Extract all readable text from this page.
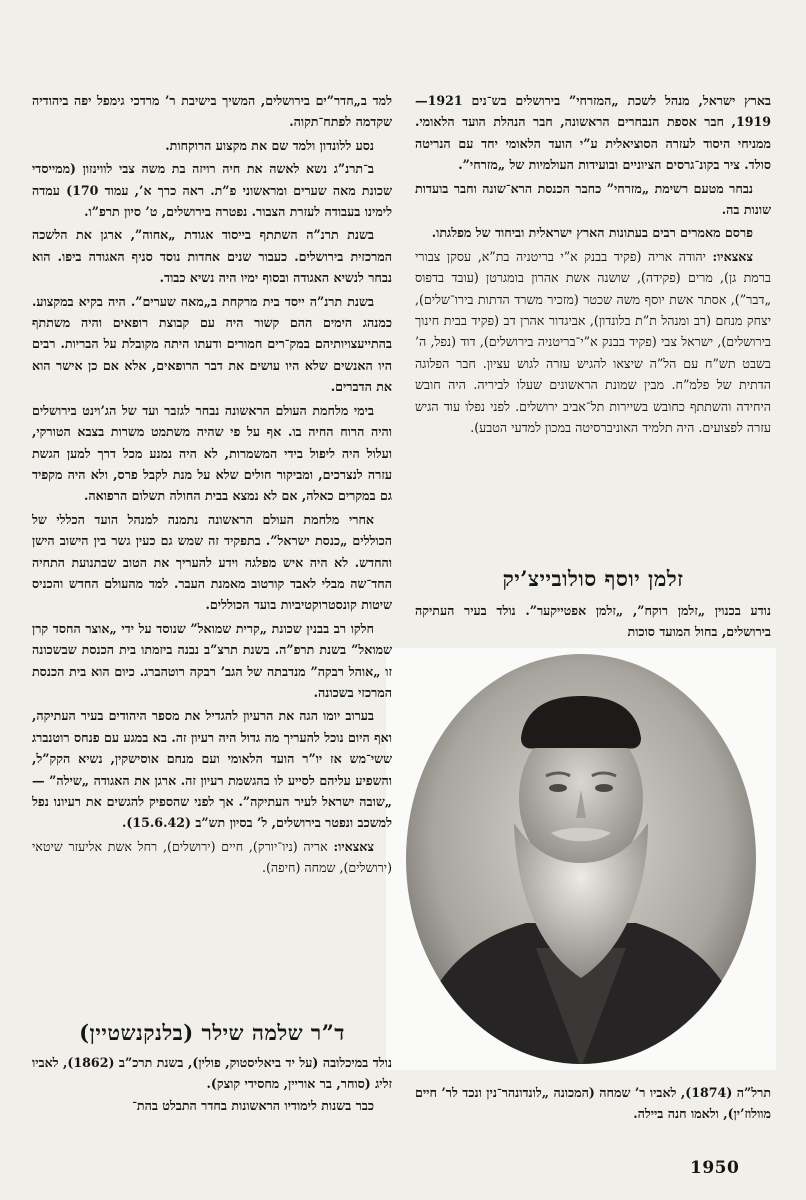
בארץ ישראל, מנהל לשכת „המזרחי” בירושלים בש־נים 1921—1919, חבר אספת הנבחרים הראשונה, חבר הנהלת הועד הלאומי. ממניחי היסוד לעזרה הסוציאלית ע”י הועד הלאומי יחד עם הנריטה סולד. ציר בקונ־גרסים הציוניים ובועידות העולמיות של „מזרחי”.

נבחר מטעם רשימת „מזרחי” כחבר הכנסת הרא־שונה וחבר בועדות שונות בה.

פרסם מאמרים רבים בעתונות הארץ ישראלית וביחוד של מפלגתו.

צאצאיו: יהודה אריה (פקיד בבנק א”י בריטניה בת”א, עסקן צבורי ברמת גן), מרים (פקידה), שושנה אשת אהרון בומגרטן (עובד בדפוס „דבר”), אסתר אשת יוסף משה שכטר (מזכיר משרד הדתות בירו־שלים), יצחק מנחם (רב ומנהל ת”ת בלונדון), אביגדור אהרן דב (פקיד בבית חינוך בירושלים), ישראל צבי (פקיד בבנק א”י־בריטניה בירושלים), דוד (נפל, ה’ בשבט תש”ח עם הל”ה שיצאו להגיש עזרה לגוש עציון. חבר הפלוגה הדתית של פלמ”ח. מבין שמונת הראשונים שעלו לביריה. היה חובש היחידה והשתתף כחובש בשיירות תל־אביב ירושלים. לפני נפלו עוד הגיש עזרה לפצועים. היה תלמיד האוניברסיטה במכון למדעי הטבע).

זלמן יוסף סולובייצ’יק
נודע בכנוין „זלמן רוקח”, „זלמן אפטייקער”. נולד בעיר העתיקה בירושלים, בחול המועד סוכות
תרל”ה (1874), לאביו ר’ שמחה (המכונה „לונדונהר־נין ונכד לר’ חיים מוולוז’ין), ולאמו חנה ביילה.

למד ב„חדר”ים בירושלים, המשיך בישיבת ר’ מרדכי גימפל יפה ביהודיה שקדמה לפתח־תקוה.

נסע ללונדון ולמד שם את מקצוע הרוקחות.

ב־תרנ”ג נשא לאשה את חיה רויזה בת משה צבי לווינזון (ממייסדי שכונת מאה שערים ומראשוני פ”ת. ראה כרך א’, עמוד 170) עמדה לימינו בעבודה לעזרת הצבור. נפטרה בירושלים, ט’ סיון תרפ”ו.

בשנת תרנ”ה השתתף בייסוד אגודת „אחוה”, ארגן את הלשכה המרכזית בירושלים. כעבור שנים אחדות נוסד סניף האגודה ביפו. הוא נבחר לנשיא האגודה ובסוף ימיו היה נשיא כבוד.

בשנת תרנ”ה ייסד בית מרקחת ב„מאה שערים”. היה בקיא במקצוע. כמנהג הימים ההם קשור היה עם קבוצת רופאים והיה משתתף בהתייעצויותיהם במק־רים חמורים ודעתו היתה מקובלת על הבריות. רבים היו האנשים שלא היו עושים את דבר הרופאים, אלא אם כן אישר הוא את הדברים.

בימי מלחמת העולם הראשונה נבחר לגזבר ועד של הג’וינט בירושלים והיה הרוח החיה בו. אף על פי שהיה משתמט משרות בצבא הטורקי, ועלול היה ליפול בידי המשמרות, לא היה נמנע מכל דרך למען הגשת עזרה לנצרכים, ומביקור חולים שלא על מנת לקבל פרס, ולא היה מקפיד גם במקרים כאלה, אם לא נמצא בבית החולה תשלום הרפואה.

אחרי מלחמת העולם הראשונה נתמנה למנהל הועד הכללי של הכוללים „כנסת ישראל”. בתפקיד זה שמש גם כעין גשר בין הישוב הישן והחדש. לא היה איש מפלגה וידע להעריך את הטוב שבתנועת התחיה החד־שה מבלי לאבד קורטוב מאמנת העבר. למד מהעולם החדש והכניס שיטות קונסטרוקטיביות בועד הכוללים.

חלקו רב בבנין שכונת „קרית שמואל” שנוסד על ידי „אוצר החסד קרן שמואל” בשנת תרפ”ה. בשנת תרצ”ב נבנה ביזמתו בית הכנסת שבשכונה זו „אוהל רבקה” מנדבתה של הגב’ רבקה רוטהברג. כיום הוא בית הכנסת המרכזי בשכונה.

בערוב יומו הגה את הרעיון להגדיל את מספר היהודים בעיר העתיקה, ואף היום נוכל להעריך מה גדול היה רעיון זה. בא במגע עם פנחס רוטנברג ששי־מש אז יו”ר הועד הלאומי ועם מנחם אוסישקין, נשיא הקק”ל, והשפיע עליהם לסייע לו בהגשמת רעיון זה. ארגן את האגודה „שילה” — „שובה ישראל לעיר העתיקה”. אך לפני שהספיק להגשים את רעיונו נפל למשכב ונפטר בירושלים, ל’ בסיון תש”ב (15.6.42).

צאצאיו: אריה (ניו־יורק), חיים (ירושלים), רחל אשת אליעזר שיטאי (ירושלים), שמחה (חיפה).

ד”ר שלמה שילר (בלנקנשטיין)
נולד במיכלובה (על יד ביאליסטוק, פולין), בשנת תרכ”ב (1862), לאביו זליג (סוחר, בר אוריין, מחסידי קוצק).
כבר בשנות לימודיו הראשונות בחדר התבלט בהת־
1950
